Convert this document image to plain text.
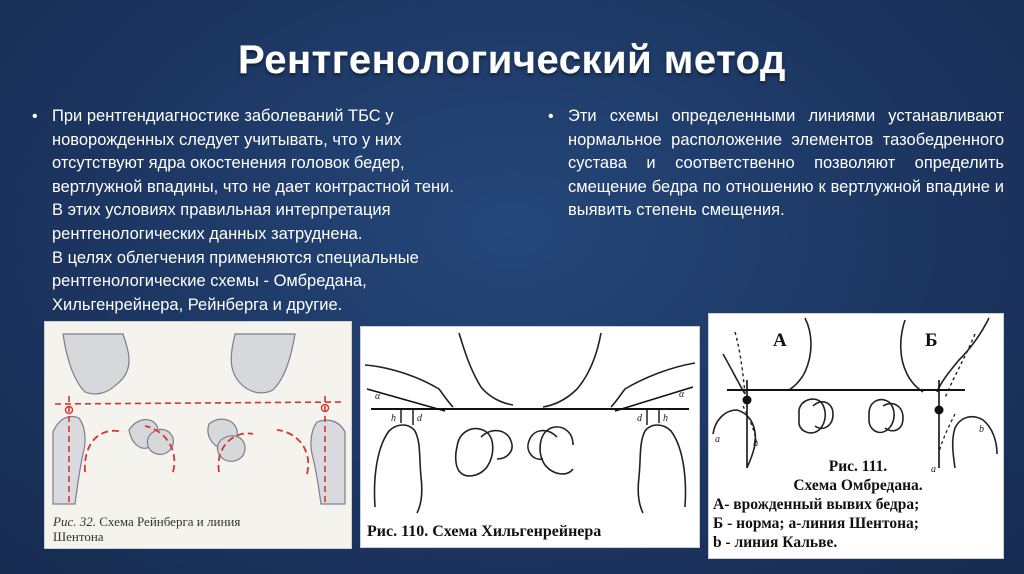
Рентгенологический метод
• При рентгендиагностике заболеваний ТБС у
новорожденных следует учитывать, что у них
отсутствуют ядра окостенения головок бедер,
вертлужной впадины, что не дает контрастной тени.
В этих условиях правильная интерпретация
рентгенологических данных затруднена.
В целях облегчения применяются специальные
рентгенологические схемы - Омбредана,
Хильгенрейнера, Рейнберга и другие.
• Эти схемы определенными линиями устанавливают нормальное расположение элементов тазобедренного сустава и соответственно позволяют определить смещение бедра по отношению к вертлужной впадине и выявить степень смещения.
Рис. 32. Схема Рейнберга и линия
Шентона
α	α
h d	d h
Рис. 110. Схема Хильгенрейнера
А	Б
a
a
b
b
Рис. 111.
Схема Омбредана.
А- врожденный вывих бедра;
Б - норма; а-линия Шентона;
b - линия Кальве.
